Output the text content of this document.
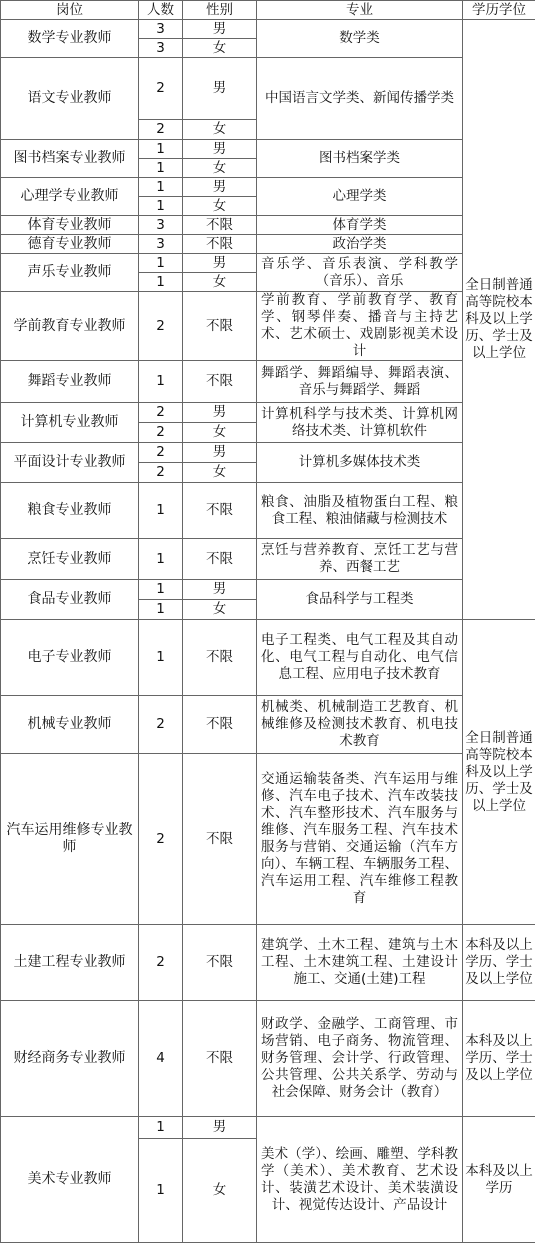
岗位	人数	性别	专业	学历学位
数学专业教师	3	男	数学类	全日制普通高等院校本科及以上学历、学士及以上学位
	3	女		
语文专业教师	2	男	中国语言文学类、新闻传播学类	
	2	女		
图书档案专业教师	1	男	图书档案学类	
	1	女		
心理学专业教师	1	男	心理学类	
	1	女		
体育专业教师	3	不限	体育学类	
德育专业教师	3	不限	政治学类	
声乐专业教师	1	男	音乐学、音乐表演、学科教学（音乐）、音乐	
	1	女		
学前教育专业教师	2	不限	学前教育、学前教育学、教育学、钢琴伴奏、播音与主持艺术、艺术硕士、戏剧影视美术设计	
舞蹈专业教师	1	不限	舞蹈学、舞蹈编导、舞蹈表演、音乐与舞蹈学、舞蹈	
计算机专业教师	2	男	计算机科学与技术类、计算机网络技术类、计算机软件	
	2	女		
平面设计专业教师	2	男	计算机多媒体技术类	
	2	女		
粮食专业教师	1	不限	粮食、油脂及植物蛋白工程、粮食工程、粮油储藏与检测技术	
烹饪专业教师	1	不限	烹饪与营养教育、烹饪工艺与营养、西餐工艺	
食品专业教师	1	男	食品科学与工程类	
	1	女		
电子专业教师	1	不限	电子工程类、电气工程及其自动化、电气工程与自动化、电气信息工程、应用电子技术教育	全日制普通高等院校本科及以上学历、学士及以上学位
机械专业教师	2	不限	机械类、机械制造工艺教育、机械维修及检测技术教育、机电技术教育	
汽车运用维修专业教师	2	不限	交通运输装备类、汽车运用与维修、汽车电子技术、汽车改装技术、汽车整形技术、汽车服务与维修、汽车服务工程、汽车技术服务与营销、交通运输（汽车方向）、车辆工程、车辆服务工程、汽车运用工程、汽车维修工程教育	
土建工程专业教师	2	不限	建筑学、土木工程、建筑与土木工程、土木建筑工程、土建设计施工、交通(土建)工程	本科及以上学历、学士及以上学位
财经商务专业教师	4	不限	财政学、金融学、工商管理、市场营销、电子商务、物流管理、财务管理、会计学、行政管理、公共管理、公共关系学、劳动与社会保障、财务会计（教育）	本科及以上学历、学士及以上学位
美术专业教师	1	男	美术（学）、绘画、雕塑、学科教学（美术）、美术教育、艺术设计、装潢艺术设计、美术装潢设计、视觉传达设计、产品设计	本科及以上学历
	1	女		
